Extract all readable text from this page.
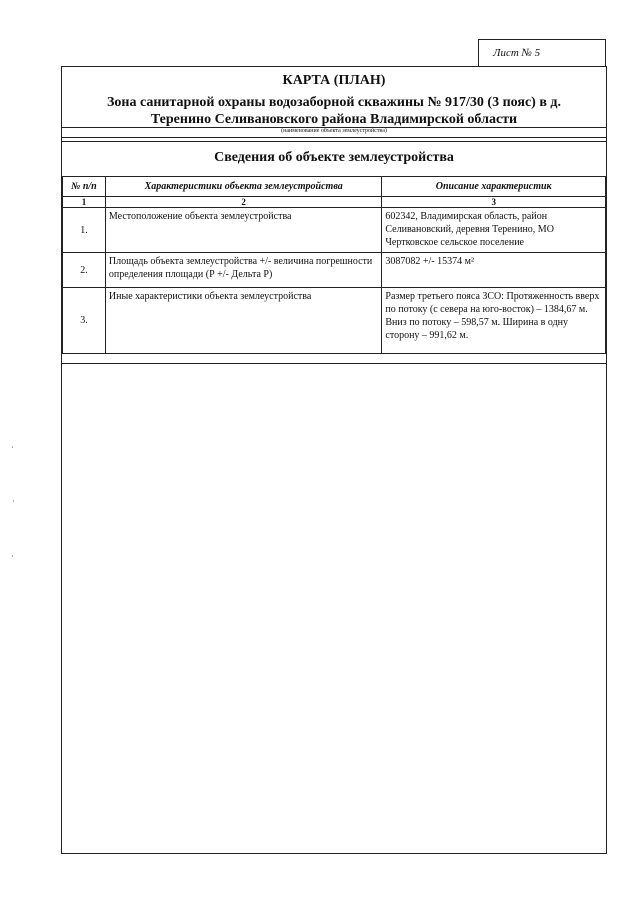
Лист № 5
КАРТА (ПЛАН)
Зона санитарной охраны водозаборной скважины № 917/30 (3 пояс) в д.
Теренино Селивановского района Владимирской области
(наименование объекта землеустройства)
Сведения об объекте землеустройства
№ п/п	Характеристики объекта землеустройства	Описание характеристик
1	2	3
1.	Местоположение объекта землеустройства	602342, Владимирская область, район Селивановский, деревня Теренино, МО Чертковское сельское поселение
2.	Площадь объекта землеустройства +/- величина погрешности определения площади (Р +/- Дельта Р)	3087082 +/- 15374 м²
3.	Иные характеристики объекта землеустройства	Размер третьего пояса ЗСО: Протяженность вверх по потоку (с севера на юго-восток) – 1384,67 м. Вниз по потоку – 598,57 м. Ширина в одну сторону – 991,62 м.
·
·
·
